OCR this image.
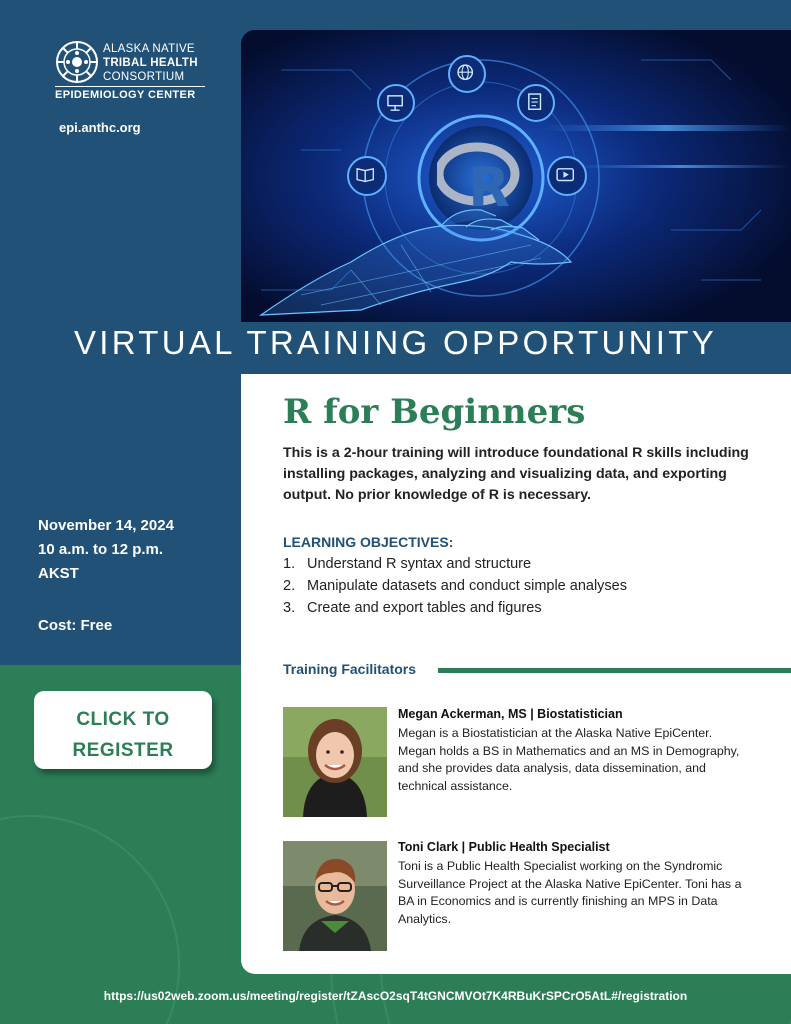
ALASKA NATIVE
TRIBAL HEALTH
CONSORTIUM
EPIDEMIOLOGY CENTER
epi.anthc.org
R
VIRTUAL TRAINING OPPORTUNITY
R for Beginners

This is a 2-hour training will introduce foundational R skills including installing packages, analyzing and visualizing data, and exporting output. No prior knowledge of R is necessary.

LEARNING OBJECTIVES:
1. Understand R syntax and structure
2. Manipulate datasets and conduct simple analyses
3. Create and export tables and figures
Training Facilitators
Megan Ackerman, MS | Biostatistician

Megan is a Biostatistician at the Alaska Native EpiCenter. Megan holds a BS in Mathematics and an MS in Demography, and she provides data analysis, data dissemination, and technical assistance.

Toni Clark | Public Health Specialist

Toni is a Public Health Specialist working on the Syndromic Surveillance Project at the Alaska Native EpiCenter. Toni has a BA in Economics and is currently finishing an MPS in Data Analytics.

November 14, 2024
10 a.m. to 12 p.m.
AKST
Cost: Free
CLICK TO
REGISTER
https://us02web.zoom.us/meeting/register/tZAscO2sqT4tGNCMVOt7K4RBuKrSPCrO5AtL#/registration
